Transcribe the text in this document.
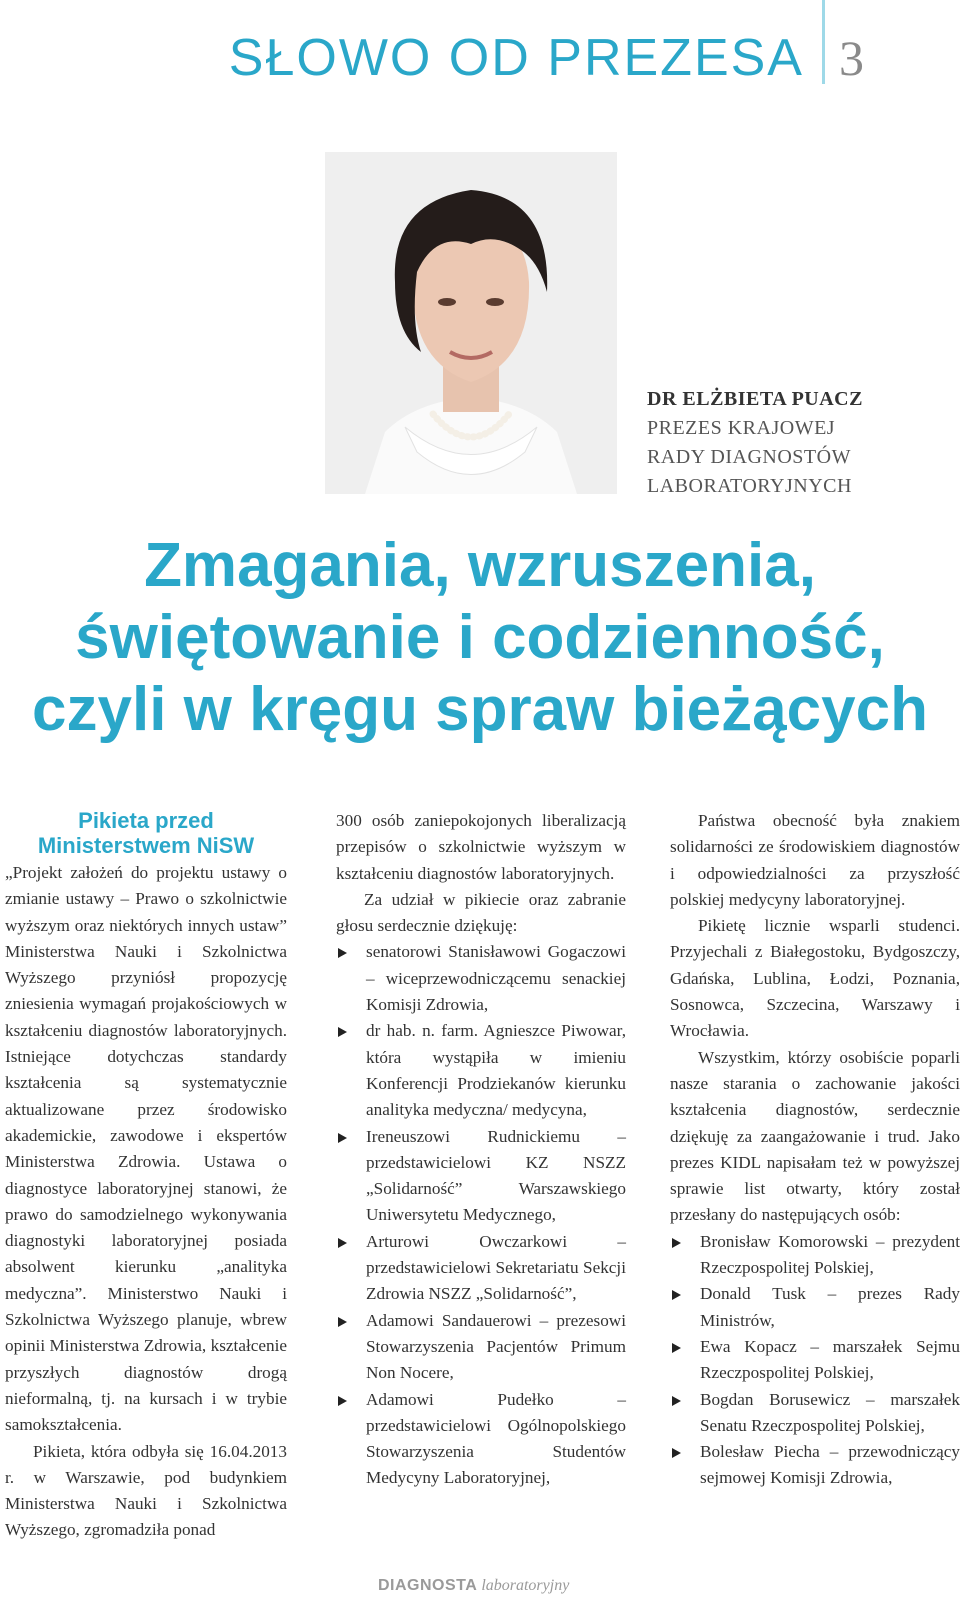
SŁOWO OD PREZESA 3
DR ELŻBIETA PUACZ
PREZES KRAJOWEJ
RADY DIAGNOSTÓW
LABORATORYJNYCH
Zmagania, wzruszenia,
świętowanie i codzienność,
czyli w kręgu spraw bieżących
Pikieta przed
Ministerstwem NiSW

„Projekt założeń do projektu ustawy o zmianie ustawy – Prawo o szkolnictwie wyższym oraz niektórych innych ustaw” Ministerstwa Nauki i Szkolnictwa Wyższego przyniósł propozycję zniesienia wymagań projakościowych w kształceniu diagnostów laboratoryjnych. Istniejące dotychczas standardy kształcenia są systematycznie aktualizowane przez środowisko akademickie, zawodowe i ekspertów Ministerstwa Zdrowia. Ustawa o diagnostyce laboratoryjnej stanowi, że prawo do samodzielnego wykonywania diagnostyki laboratoryjnej posiada absolwent kierunku „analityka medyczna”. Ministerstwo Nauki i Szkolnictwa Wyższego planuje, wbrew opinii Ministerstwa Zdrowia, kształcenie przyszłych diagnostów drogą nieformalną, tj. na kursach i w trybie samokształcenia.

Pikieta, która odbyła się 16.04.2013 r. w Warszawie, pod budynkiem Ministerstwa Nauki i Szkolnictwa Wyższego, zgromadziła ponad

300 osób zaniepokojonych liberalizacją przepisów o szkolnictwie wyższym w kształceniu diagnostów laboratoryjnych.

Za udział w pikiecie oraz zabranie głosu serdecznie dziękuję:

senatorowi Stanisławowi Gogaczowi – wiceprzewodniczącemu senackiej Komisji Zdrowia,
dr hab. n. farm. Agnieszce Piwowar, która wystąpiła w imieniu Konferencji Prodziekanów kierunku analityka medyczna/ medycyna,
Ireneuszowi Rudnickiemu – przedstawicielowi KZ NSZZ „Solidarność” Warszawskiego Uniwersytetu Medycznego,
Arturowi Owczarkowi – przedstawicielowi Sekretariatu Sekcji Zdrowia NSZZ „Solidarność”,
Adamowi Sandauerowi – prezesowi Stowarzyszenia Pacjentów Primum Non Nocere,
Adamowi Pudełko – przedstawicielowi Ogólnopolskiego Stowarzyszenia Studentów Medycyny Laboratoryjnej,

Państwa obecność była znakiem solidarności ze środowiskiem diagnostów i odpowiedzialności za przyszłość polskiej medycyny laboratoryjnej.

Pikietę licznie wsparli studenci. Przyjechali z Białegostoku, Bydgoszczy, Gdańska, Lublina, Łodzi, Poznania, Sosnowca, Szczecina, Warszawy i Wrocławia.

Wszystkim, którzy osobiście poparli nasze starania o zachowanie jakości kształcenia diagnostów, serdecznie dziękuję za zaangażowanie i trud. Jako prezes KIDL napisałam też w powyższej sprawie list otwarty, który został przesłany do następujących osób:

Bronisław Komorowski – prezydent Rzeczpospolitej Polskiej,
Donald Tusk – prezes Rady Ministrów,
Ewa Kopacz – marszałek Sejmu Rzeczpospolitej Polskiej,
Bogdan Borusewicz – marszałek Senatu Rzeczpospolitej Polskiej,
Bolesław Piecha – przewodniczący sejmowej Komisji Zdrowia,
DIAGNOSTA laboratoryjny
